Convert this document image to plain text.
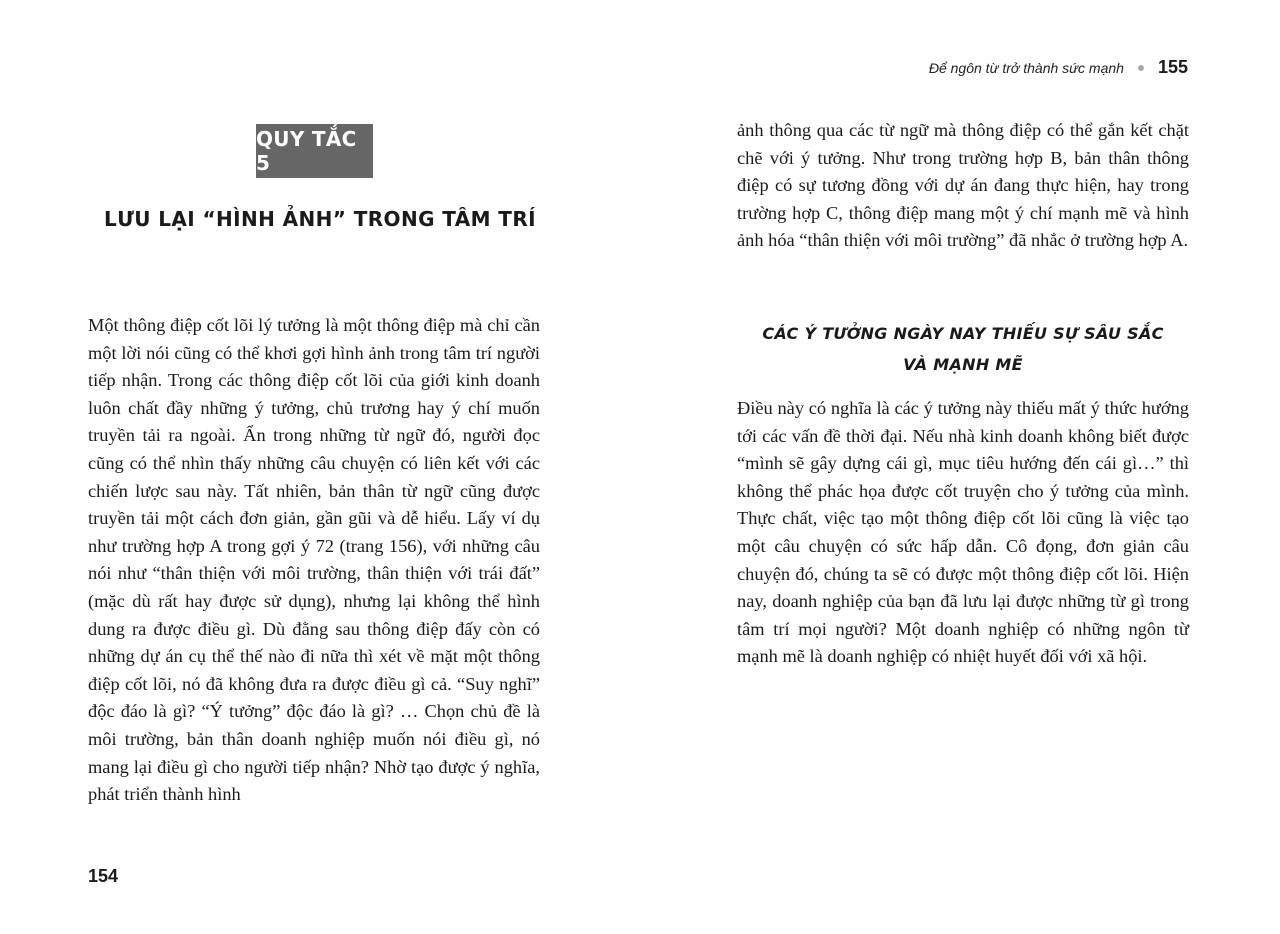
QUY TẮC 5
LƯU LẠI “HÌNH ẢNH” TRONG TÂM TRÍ

Một thông điệp cốt lõi lý tưởng là một thông điệp mà chỉ cần một lời nói cũng có thể khơi gợi hình ảnh trong tâm trí người tiếp nhận. Trong các thông điệp cốt lõi của giới kinh doanh luôn chất đầy những ý tưởng, chủ trương hay ý chí muốn truyền tải ra ngoài. Ẩn trong những từ ngữ đó, người đọc cũng có thể nhìn thấy những câu chuyện có liên kết với các chiến lược sau này. Tất nhiên, bản thân từ ngữ cũng được truyền tải một cách đơn giản, gần gũi và dễ hiểu. Lấy ví dụ như trường hợp A trong gợi ý 72 (trang 156), với những câu nói như “thân thiện với môi trường, thân thiện với trái đất” (mặc dù rất hay được sử dụng), nhưng lại không thể hình dung ra được điều gì. Dù đằng sau thông điệp đấy còn có những dự án cụ thể thế nào đi nữa thì xét về mặt một thông điệp cốt lõi, nó đã không đưa ra được điều gì cả. “Suy nghĩ” độc đáo là gì? “Ý tưởng” độc đáo là gì? … Chọn chủ đề là môi trường, bản thân doanh nghiệp muốn nói điều gì, nó mang lại điều gì cho người tiếp nhận? Nhờ tạo được ý nghĩa, phát triển thành hình

154
Để ngôn từ trở thành sức mạnh 155

ảnh thông qua các từ ngữ mà thông điệp có thể gắn kết chặt chẽ với ý tưởng. Như trong trường hợp B, bản thân thông điệp có sự tương đồng với dự án đang thực hiện, hay trong trường hợp C, thông điệp mang một ý chí mạnh mẽ và hình ảnh hóa “thân thiện với môi trường” đã nhắc ở trường hợp A.

CÁC Ý TƯỞNG NGÀY NAY THIẾU SỰ SÂU SẮC
VÀ MẠNH MẼ

Điều này có nghĩa là các ý tưởng này thiếu mất ý thức hướng tới các vấn đề thời đại. Nếu nhà kinh doanh không biết được “mình sẽ gây dựng cái gì, mục tiêu hướng đến cái gì…” thì không thể phác họa được cốt truyện cho ý tưởng của mình. Thực chất, việc tạo một thông điệp cốt lõi cũng là việc tạo một câu chuyện có sức hấp dẫn. Cô đọng, đơn giản câu chuyện đó, chúng ta sẽ có được một thông điệp cốt lõi. Hiện nay, doanh nghiệp của bạn đã lưu lại được những từ gì trong tâm trí mọi người? Một doanh nghiệp có những ngôn từ mạnh mẽ là doanh nghiệp có nhiệt huyết đối với xã hội.
